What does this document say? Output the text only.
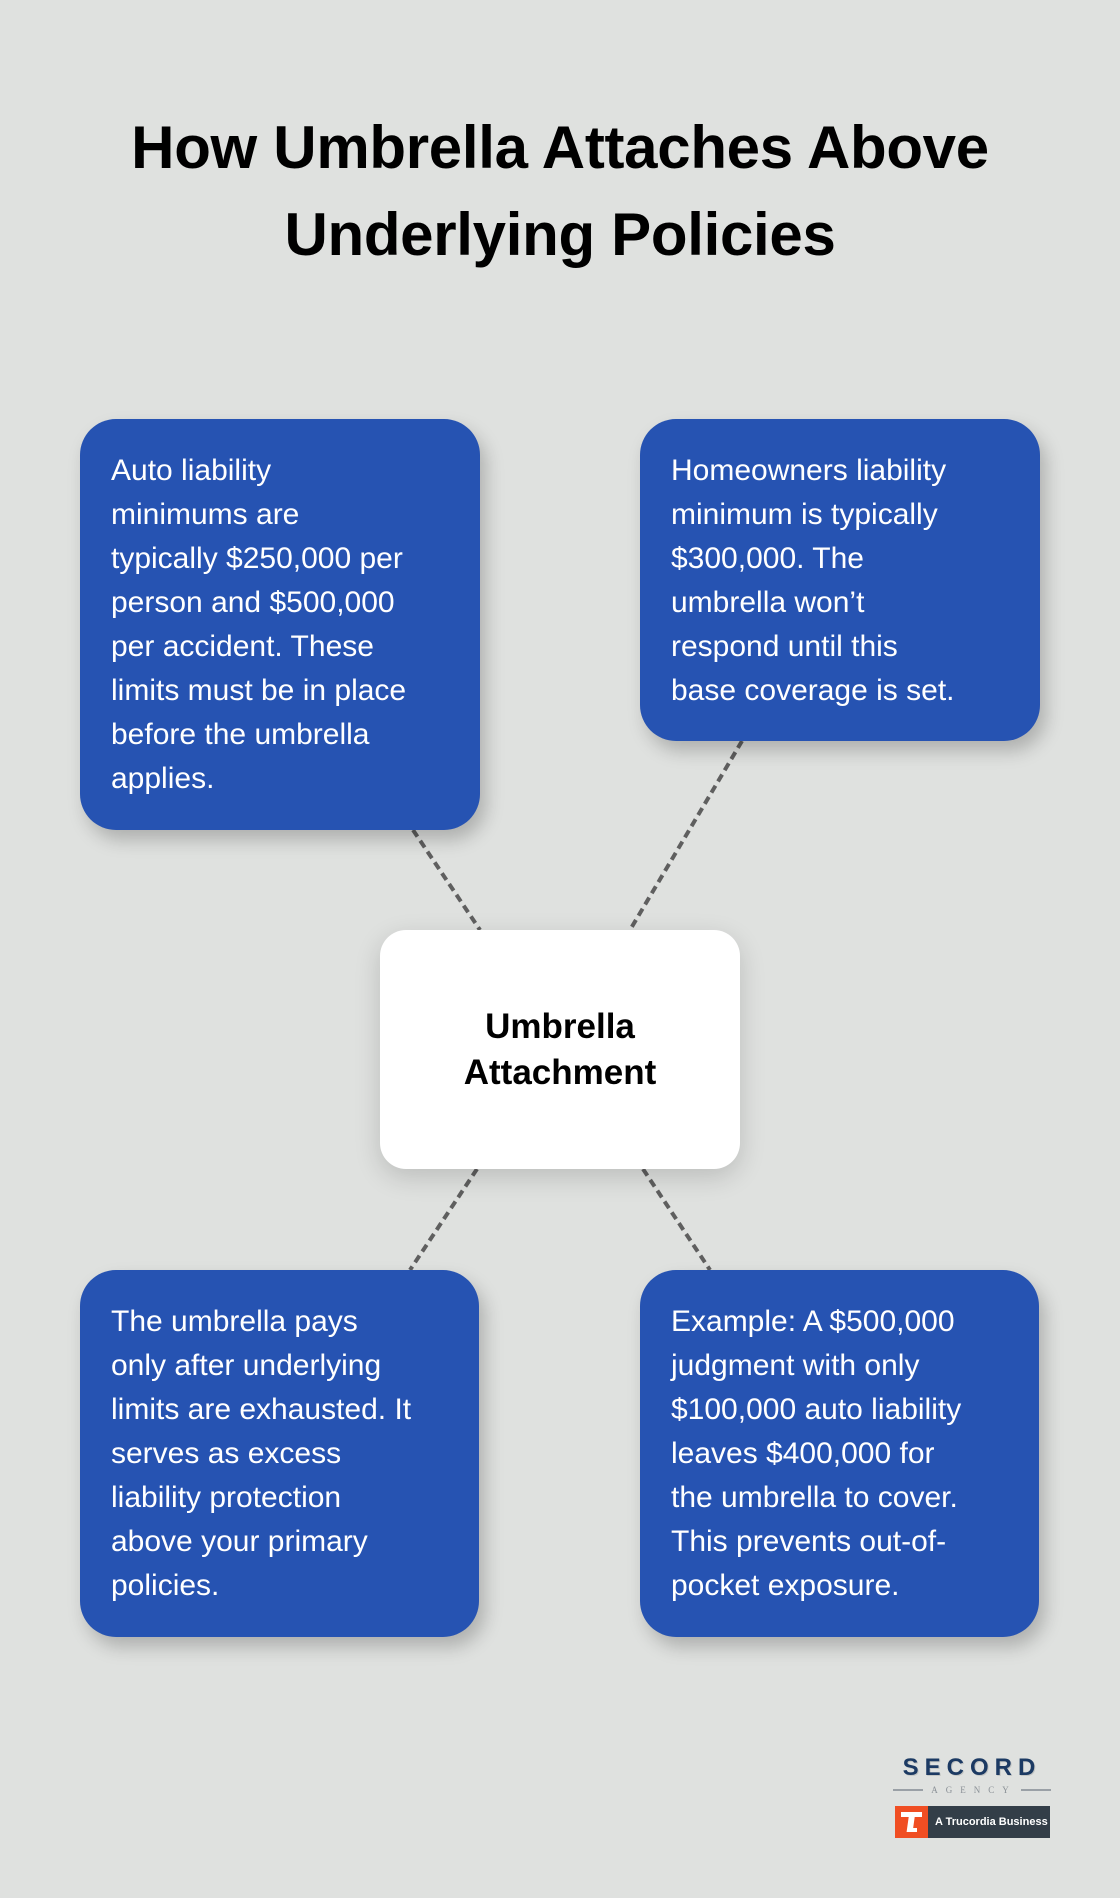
How Umbrella Attaches Above
Underlying Policies
Auto liability
minimums are
typically $250,000 per
person and $500,000
per accident. These
limits must be in place
before the umbrella
applies.
Homeowners liability
minimum is typically
$300,000. The
umbrella won’t
respond until this
base coverage is set.
Umbrella
Attachment
The umbrella pays
only after underlying
limits are exhausted. It
serves as excess
liability protection
above your primary
policies.
Example: A $500,000
judgment with only
$100,000 auto liability
leaves $400,000 for
the umbrella to cover.
This prevents out-of-
pocket exposure.
SECORD
AGENCY
A Trucordia Business
